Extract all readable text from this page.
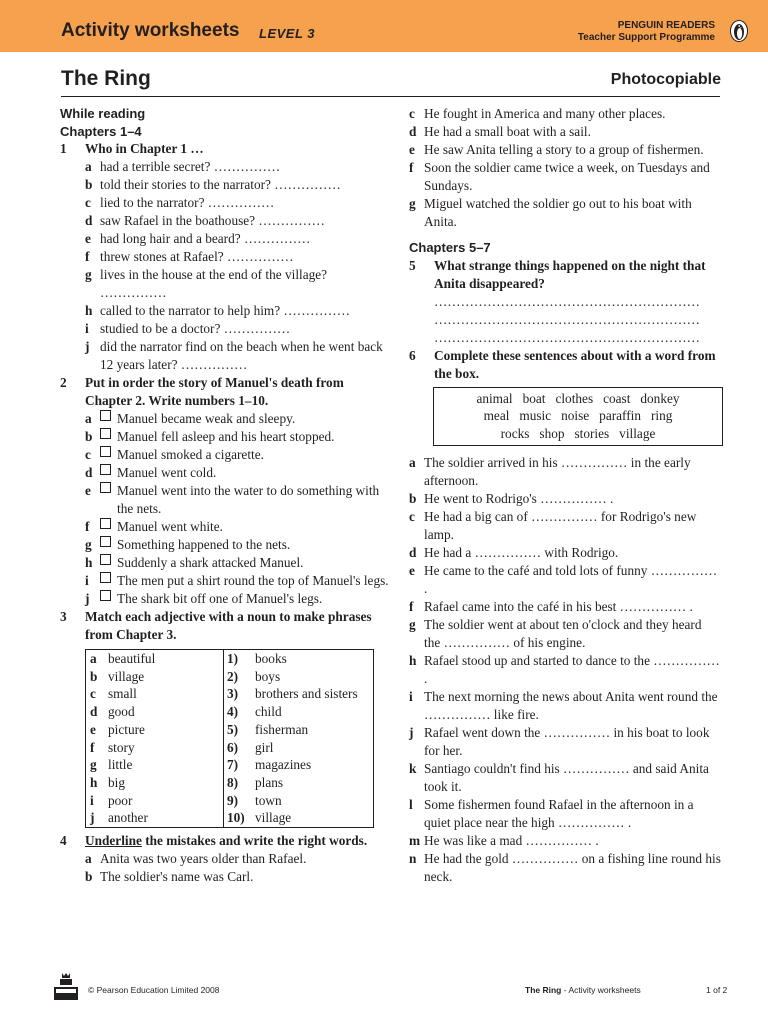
Activity worksheets LEVEL 3
PENGUIN READERS
Teacher Support Programme
The Ring	Photocopiable
While reading
Chapters 1–4
1	Who in Chapter 1 …
a had a terrible secret? ……………
b told their stories to the narrator? ……………
c lied to the narrator? ……………
d saw Rafael in the boathouse? ……………
e had long hair and a beard? ……………
f threw stones at Rafael? ……………
g lives in the house at the end of the village? ……………
h called to the narrator to help him? ……………
i studied to be a doctor? ……………
j did the narrator find on the beach when he went back 12 years later? ……………
2	Put in order the story of Manuel's death from Chapter 2. Write numbers 1–10.
a	Manuel became weak and sleepy.
b	Manuel fell asleep and his heart stopped.
c	Manuel smoked a cigarette.
d	Manuel went cold.
e	Manuel went into the water to do something with the nets.
f	Manuel went white.
g	Something happened to the nets.
h	Suddenly a shark attacked Manuel.
i	The men put a shirt round the top of Manuel's legs.
j	The shark bit off one of Manuel's legs.
3	Match each adjective with a noun to make phrases from Chapter 3.
a	beautiful	1)	books
b	village	2)	boys
c	small	3)	brothers and sisters
d	good	4)	child
e	picture	5)	fisherman
f	story	6)	girl
g	little	7)	magazines
h	big	8)	plans
i	poor	9)	town
j	another	10)	village
4	Underline the mistakes and write the right words.
a Anita was two years older than Rafael.
b The soldier's name was Carl.
c He fought in America and many other places.
d He had a small boat with a sail.
e He saw Anita telling a story to a group of fishermen.
f Soon the soldier came twice a week, on Tuesdays and Sundays.
g Miguel watched the soldier go out to his boat with Anita.
Chapters 5–7
5	What strange things happened on the night that Anita disappeared?
……………………………………………………
……………………………………………………
……………………………………………………
6	Complete these sentences about with a word from the box.
animal   boat   clothes   coast   donkey
meal   music   noise   paraffin   ring
rocks   shop   stories   village
a The soldier arrived in his …………… in the early afternoon.
b He went to Rodrigo's …………… .
c He had a big can of …………… for Rodrigo's new lamp.
d He had a …………… with Rodrigo.
e He came to the café and told lots of funny …………… .
f Rafael came into the café in his best …………… .
g The soldier went at about ten o'clock and they heard the …………… of his engine.
h Rafael stood up and started to dance to the …………… .
i The next morning the news about Anita went round the …………… like fire.
j Rafael went down the …………… in his boat to look for her.
k Santiago couldn't find his …………… and said Anita took it.
l Some fishermen found Rafael in the afternoon in a quiet place near the high …………… .
m He was like a mad …………… .
n He had the gold …………… on a fishing line round his neck.
© Pearson Education Limited 2008	The Ring - Activity worksheets	1 of 2
